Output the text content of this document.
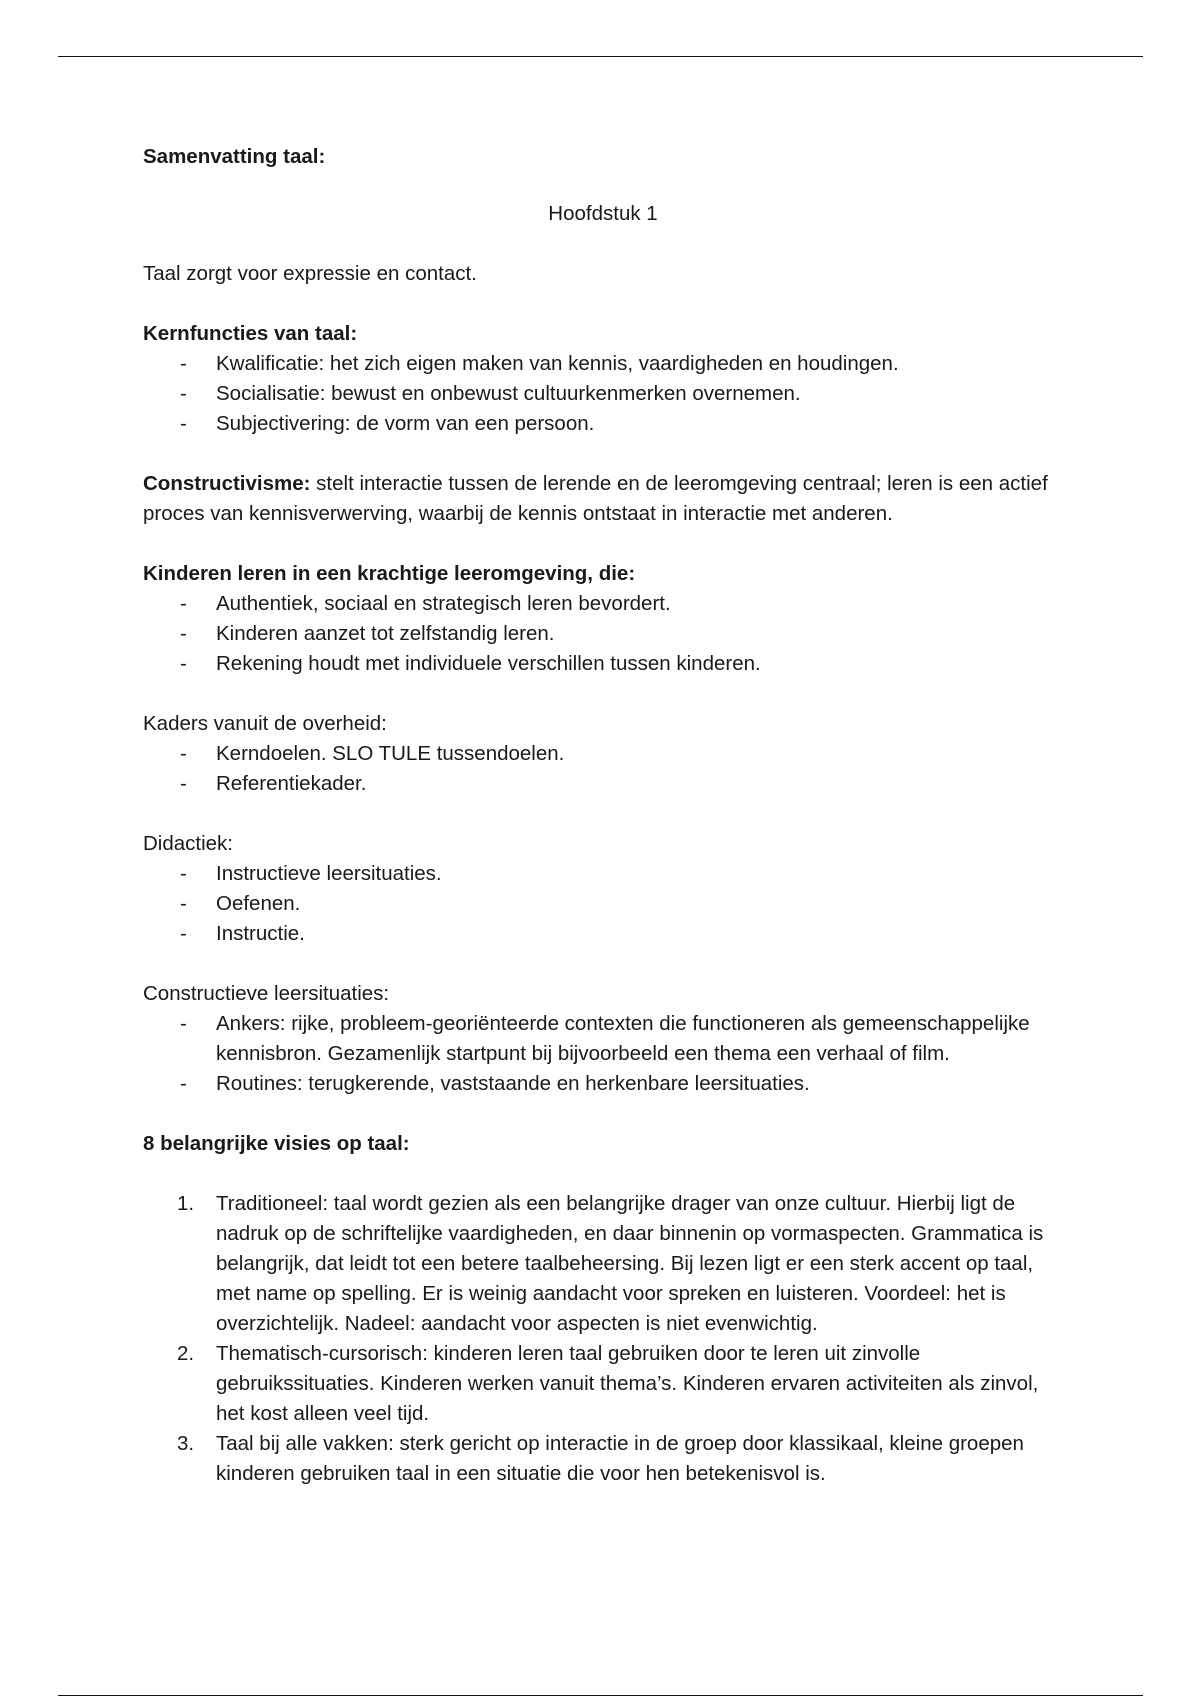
Samenvatting taal:

Hoofdstuk 1

Taal zorgt voor expressie en contact.

Kernfuncties van taal:

- Kwalificatie: het zich eigen maken van kennis, vaardigheden en houdingen.
- Socialisatie: bewust en onbewust cultuurkenmerken overnemen.
- Subjectivering: de vorm van een persoon.

Constructivisme: stelt interactie tussen de lerende en de leeromgeving centraal; leren is een actief proces van kennisverwerving, waarbij de kennis ontstaat in interactie met anderen.

Kinderen leren in een krachtige leeromgeving, die:

- Authentiek, sociaal en strategisch leren bevordert.
- Kinderen aanzet tot zelfstandig leren.
- Rekening houdt met individuele verschillen tussen kinderen.

Kaders vanuit de overheid:

- Kerndoelen. SLO TULE tussendoelen.
- Referentiekader.

Didactiek:

- Instructieve leersituaties.
- Oefenen.
- Instructie.

Constructieve leersituaties:

- Ankers: rijke, probleem-georiënteerde contexten die functioneren als gemeenschappelijke kennisbron. Gezamenlijk startpunt bij bijvoorbeeld een thema een verhaal of film.
- Routines: terugkerende, vaststaande en herkenbare leersituaties.

8 belangrijke visies op taal:

1. Traditioneel: taal wordt gezien als een belangrijke drager van onze cultuur. Hierbij ligt de nadruk op de schriftelijke vaardigheden, en daar binnenin op vormaspecten. Grammatica is belangrijk, dat leidt tot een betere taalbeheersing. Bij lezen ligt er een sterk accent op taal, met name op spelling. Er is weinig aandacht voor spreken en luisteren. Voordeel: het is overzichtelijk. Nadeel: aandacht voor aspecten is niet evenwichtig.
2. Thematisch-cursorisch: kinderen leren taal gebruiken door te leren uit zinvolle gebruikssituaties. Kinderen werken vanuit thema’s. Kinderen ervaren activiteiten als zinvol, het kost alleen veel tijd.
3. Taal bij alle vakken: sterk gericht op interactie in de groep door klassikaal, kleine groepen kinderen gebruiken taal in een situatie die voor hen betekenisvol is.
